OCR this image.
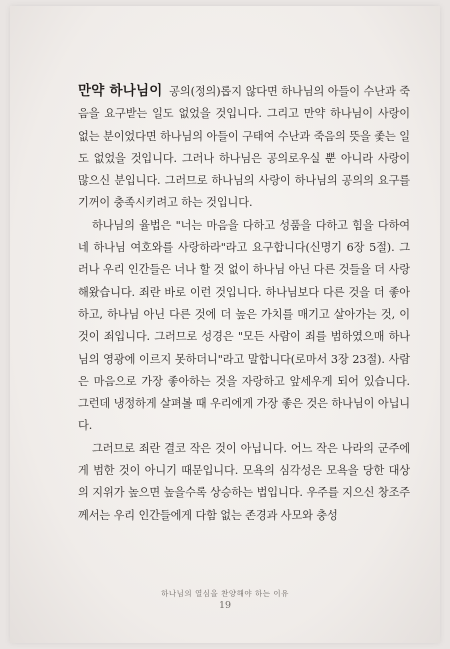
만약 하나님이 공의(정의)롭지 않다면 하나님의 아들이 수난과 죽음을 요구받는 일도 없었을 것입니다. 그리고 만약 하나님이 사랑이 없는 분이었다면 하나님의 아들이 구태여 수난과 죽음의 뜻을 좇는 일도 없었을 것입니다. 그러나 하나님은 공의로우실 뿐 아니라 사랑이 많으신 분입니다. 그러므로 하나님의 사랑이 하나님의 공의의 요구를 기꺼이 충족시키려고 하는 것입니다.

하나님의 율법은 "너는 마음을 다하고 성품을 다하고 힘을 다하여 네 하나님 여호와를 사랑하라"라고 요구합니다(신명기 6장 5절). 그러나 우리 인간들은 너나 할 것 없이 하나님 아닌 다른 것들을 더 사랑해왔습니다. 죄란 바로 이런 것입니다. 하나님보다 다른 것을 더 좋아하고, 하나님 아닌 다른 것에 더 높은 가치를 매기고 살아가는 것, 이것이 죄입니다. 그러므로 성경은 "모든 사람이 죄를 범하였으매 하나님의 영광에 이르지 못하더니"라고 말합니다(로마서 3장 23절). 사람은 마음으로 가장 좋아하는 것을 자랑하고 앞세우게 되어 있습니다. 그런데 냉정하게 살펴볼 때 우리에게 가장 좋은 것은 하나님이 아닙니다.

그러므로 죄란 결코 작은 것이 아닙니다. 어느 작은 나라의 군주에게 범한 것이 아니기 때문입니다. 모욕의 심각성은 모욕을 당한 대상의 지위가 높으면 높을수록 상승하는 법입니다. 우주를 지으신 창조주께서는 우리 인간들에게 다함 없는 존경과 사모와 충성

하나님의 열심을 찬양해야 하는 이유
19
